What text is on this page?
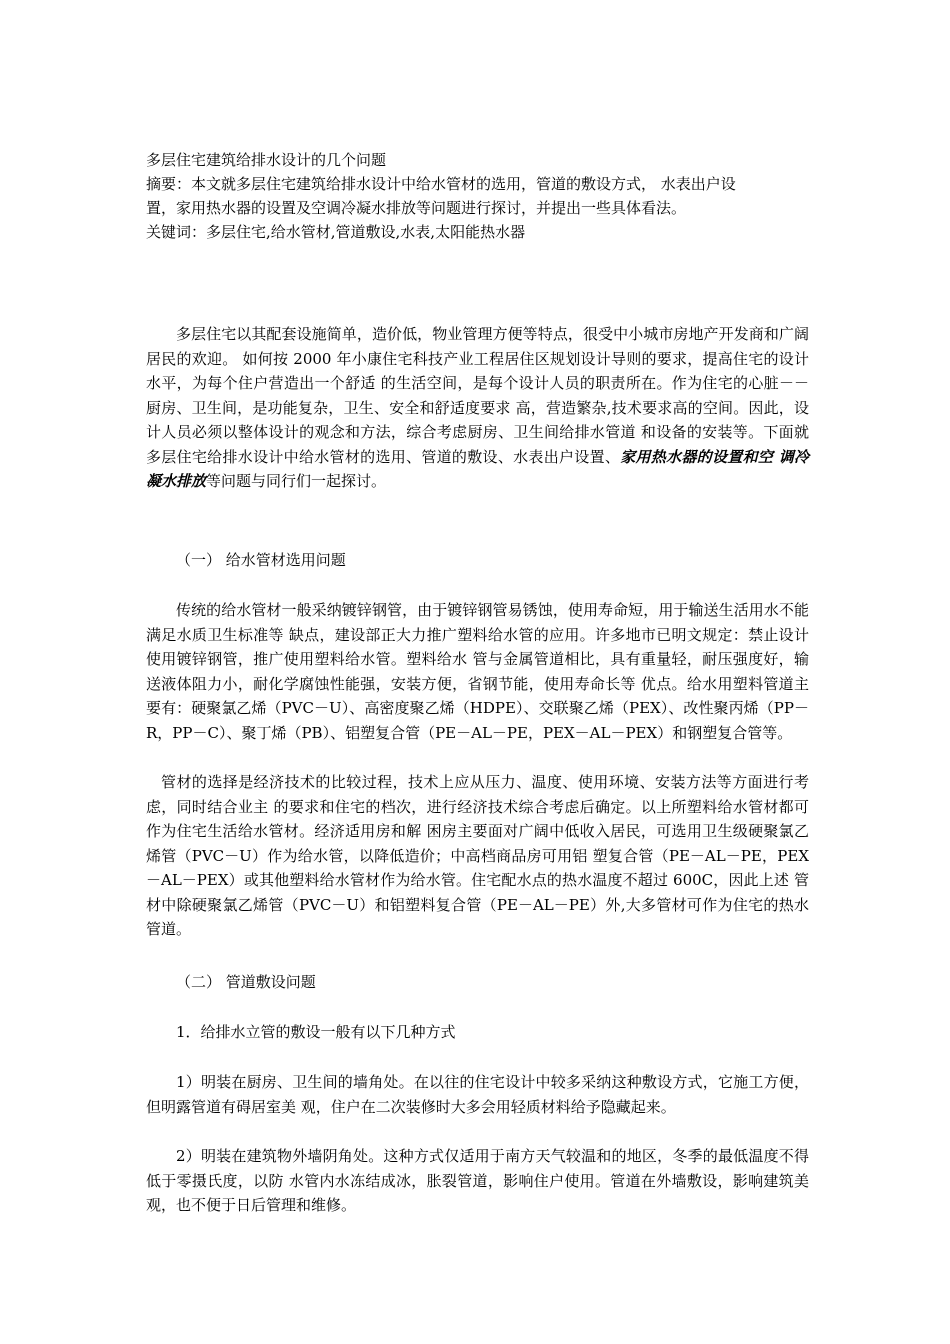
多层住宅建筑给排水设计的几个问题
摘要：本文就多层住宅建筑给排水设计中给水管材的选用，管道的敷设方式， 水表出户设
置，家用热水器的设置及空调冷凝水排放等问题进行探讨，并提出一些具体看法。
关键词：多层住宅,给水管材,管道敷设,水表,太阳能热水器

多层住宅以其配套设施简单，造价低，物业管理方便等特点，很受中小城市房地产开发商和广阔居民的欢迎。 如何按 2000 年小康住宅科技产业工程居住区规划设计导则的要求，提高住宅的设计水平，为每个住户营造出一个舒适 的生活空间，是每个设计人员的职责所在。作为住宅的心脏－－厨房、卫生间，是功能复杂，卫生、安全和舒适度要求 高，营造繁杂,技术要求高的空间。因此，设计人员必须以整体设计的观念和方法，综合考虑厨房、卫生间给排水管道 和设备的安装等。下面就多层住宅给排水设计中给水管材的选用、管道的敷设、水表出户设置、家用热水器的设置和空 调冷凝水排放等问题与同行们一起探讨。

（一） 给水管材选用问题

传统的给水管材一般采纳镀锌钢管，由于镀锌钢管易锈蚀，使用寿命短，用于输送生活用水不能满足水质卫生标准等 缺点，建设部正大力推广塑料给水管的应用。许多地市已明文规定：禁止设计使用镀锌钢管，推广使用塑料给水管。塑料给水 管与金属管道相比，具有重量轻，耐压强度好，输送液体阻力小，耐化学腐蚀性能强，安装方便，省钢节能，使用寿命长等 优点。给水用塑料管道主要有：硬聚氯乙烯（PVC－U）、高密度聚乙烯（HDPE）、交联聚乙烯（PEX）、改性聚丙烯（PP－R，PP－C）、聚丁烯（PB）、铝塑复合管（PE－AL－PE，PEX－AL－PEX）和钢塑复合管等。

管材的选择是经济技术的比较过程，技术上应从压力、温度、使用环境、安装方法等方面进行考虑，同时结合业主 的要求和住宅的档次，进行经济技术综合考虑后确定。以上所塑料给水管材都可作为住宅生活给水管材。经济适用房和解 困房主要面对广阔中低收入居民，可选用卫生级硬聚氯乙烯管（PVC－U）作为给水管，以降低造价；中高档商品房可用铝 塑复合管（PE－AL－PE，PEX－AL－PEX）或其他塑料给水管材作为给水管。住宅配水点的热水温度不超过 600C，因此上述 管材中除硬聚氯乙烯管（PVC－U）和铝塑料复合管（PE－AL－PE）外,大多管材可作为住宅的热水管道。

（二） 管道敷设问题

1．给排水立管的敷设一般有以下几种方式

1）明装在厨房、卫生间的墙角处。在以往的住宅设计中较多采纳这种敷设方式，它施工方便，但明露管道有碍居室美 观，住户在二次装修时大多会用轻质材料给予隐藏起来。

2）明装在建筑物外墙阴角处。这种方式仅适用于南方天气较温和的地区，冬季的最低温度不得低于零摄氏度，以防 水管内水冻结成冰，胀裂管道，影响住户使用。管道在外墙敷设，影响建筑美观，也不便于日后管理和维修。
